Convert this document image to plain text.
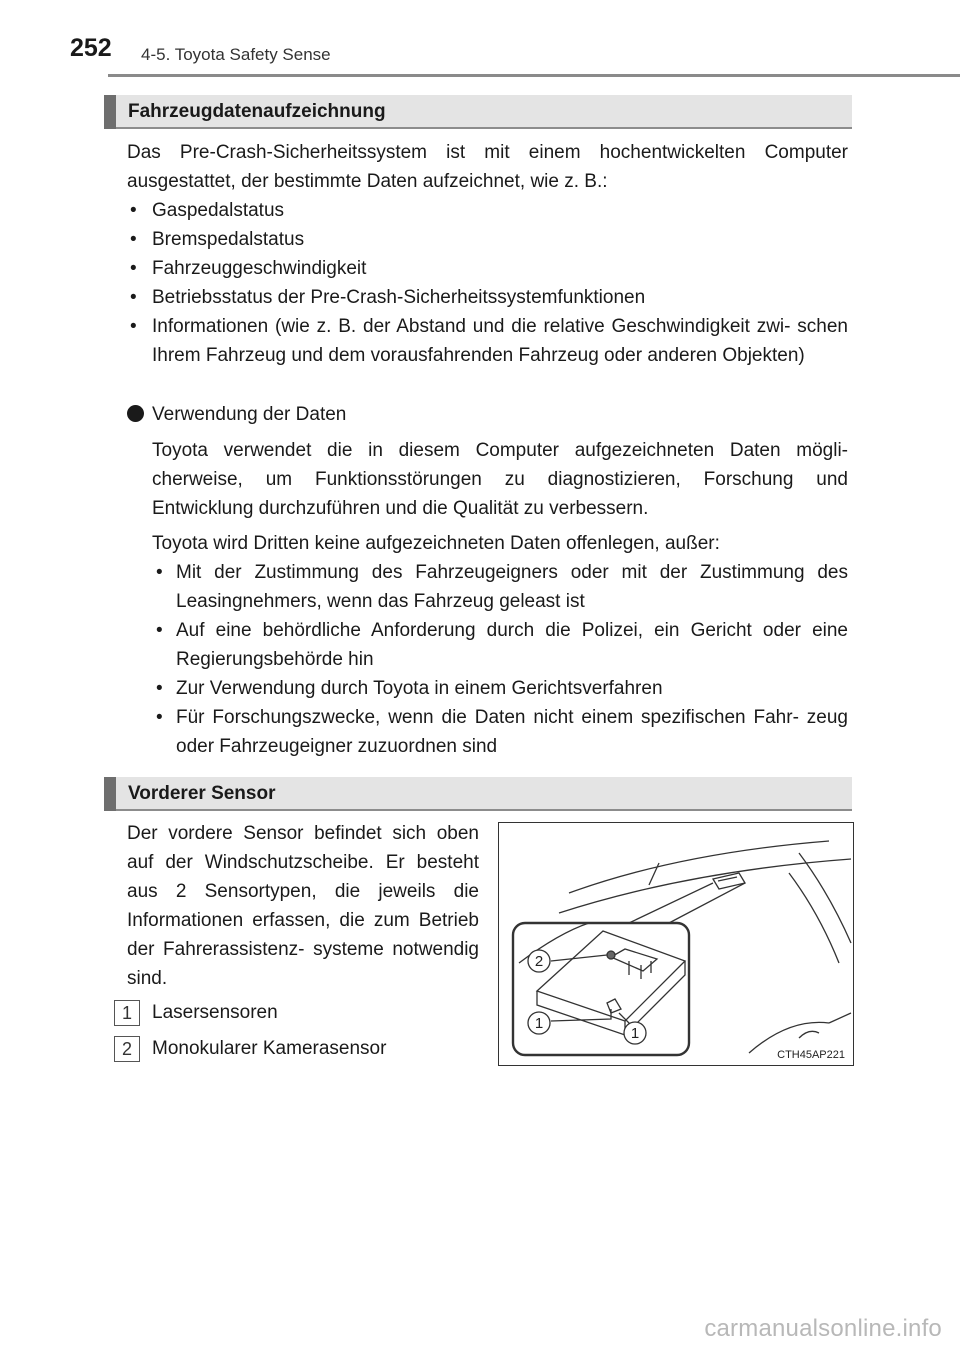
252 4-5. Toyota Safety Sense
Fahrzeugdatenaufzeichnung
Das Pre-Crash-Sicherheitssystem ist mit einem hochentwickelten Computer ausgestattet, der bestimmte Daten aufzeichnet, wie z. B.:
• Gaspedalstatus
• Bremspedalstatus
• Fahrzeuggeschwindigkeit
• Betriebsstatus der Pre-Crash-Sicherheitssystemfunktionen
• Informationen (wie z. B. der Abstand und die relative Geschwindigkeit zwi- schen Ihrem Fahrzeug und dem vorausfahrenden Fahrzeug oder anderen Objekten)
Verwendung der Daten
Toyota verwendet die in diesem Computer aufgezeichneten Daten mögli- cherweise, um Funktionsstörungen zu diagnostizieren, Forschung und Entwicklung durchzuführen und die Qualität zu verbessern.
Toyota wird Dritten keine aufgezeichneten Daten offenlegen, außer:
• Mit der Zustimmung des Fahrzeugeigners oder mit der Zustimmung des Leasingnehmers, wenn das Fahrzeug geleast ist
• Auf eine behördliche Anforderung durch die Polizei, ein Gericht oder eine Regierungsbehörde hin
• Zur Verwendung durch Toyota in einem Gerichtsverfahren
• Für Forschungszwecke, wenn die Daten nicht einem spezifischen Fahr- zeug oder Fahrzeugeigner zuzuordnen sind
Vorderer Sensor
Der vordere Sensor befindet sich oben auf der Windschutzscheibe. Er besteht aus 2 Sensortypen, die jeweils die Informationen erfassen, die zum Betrieb der Fahrerassistenz- systeme notwendig sind.
1	Lasersensoren
2	Monokularer Kamerasensor
2
1
1
CTH45AP221
carmanualsonline.info
